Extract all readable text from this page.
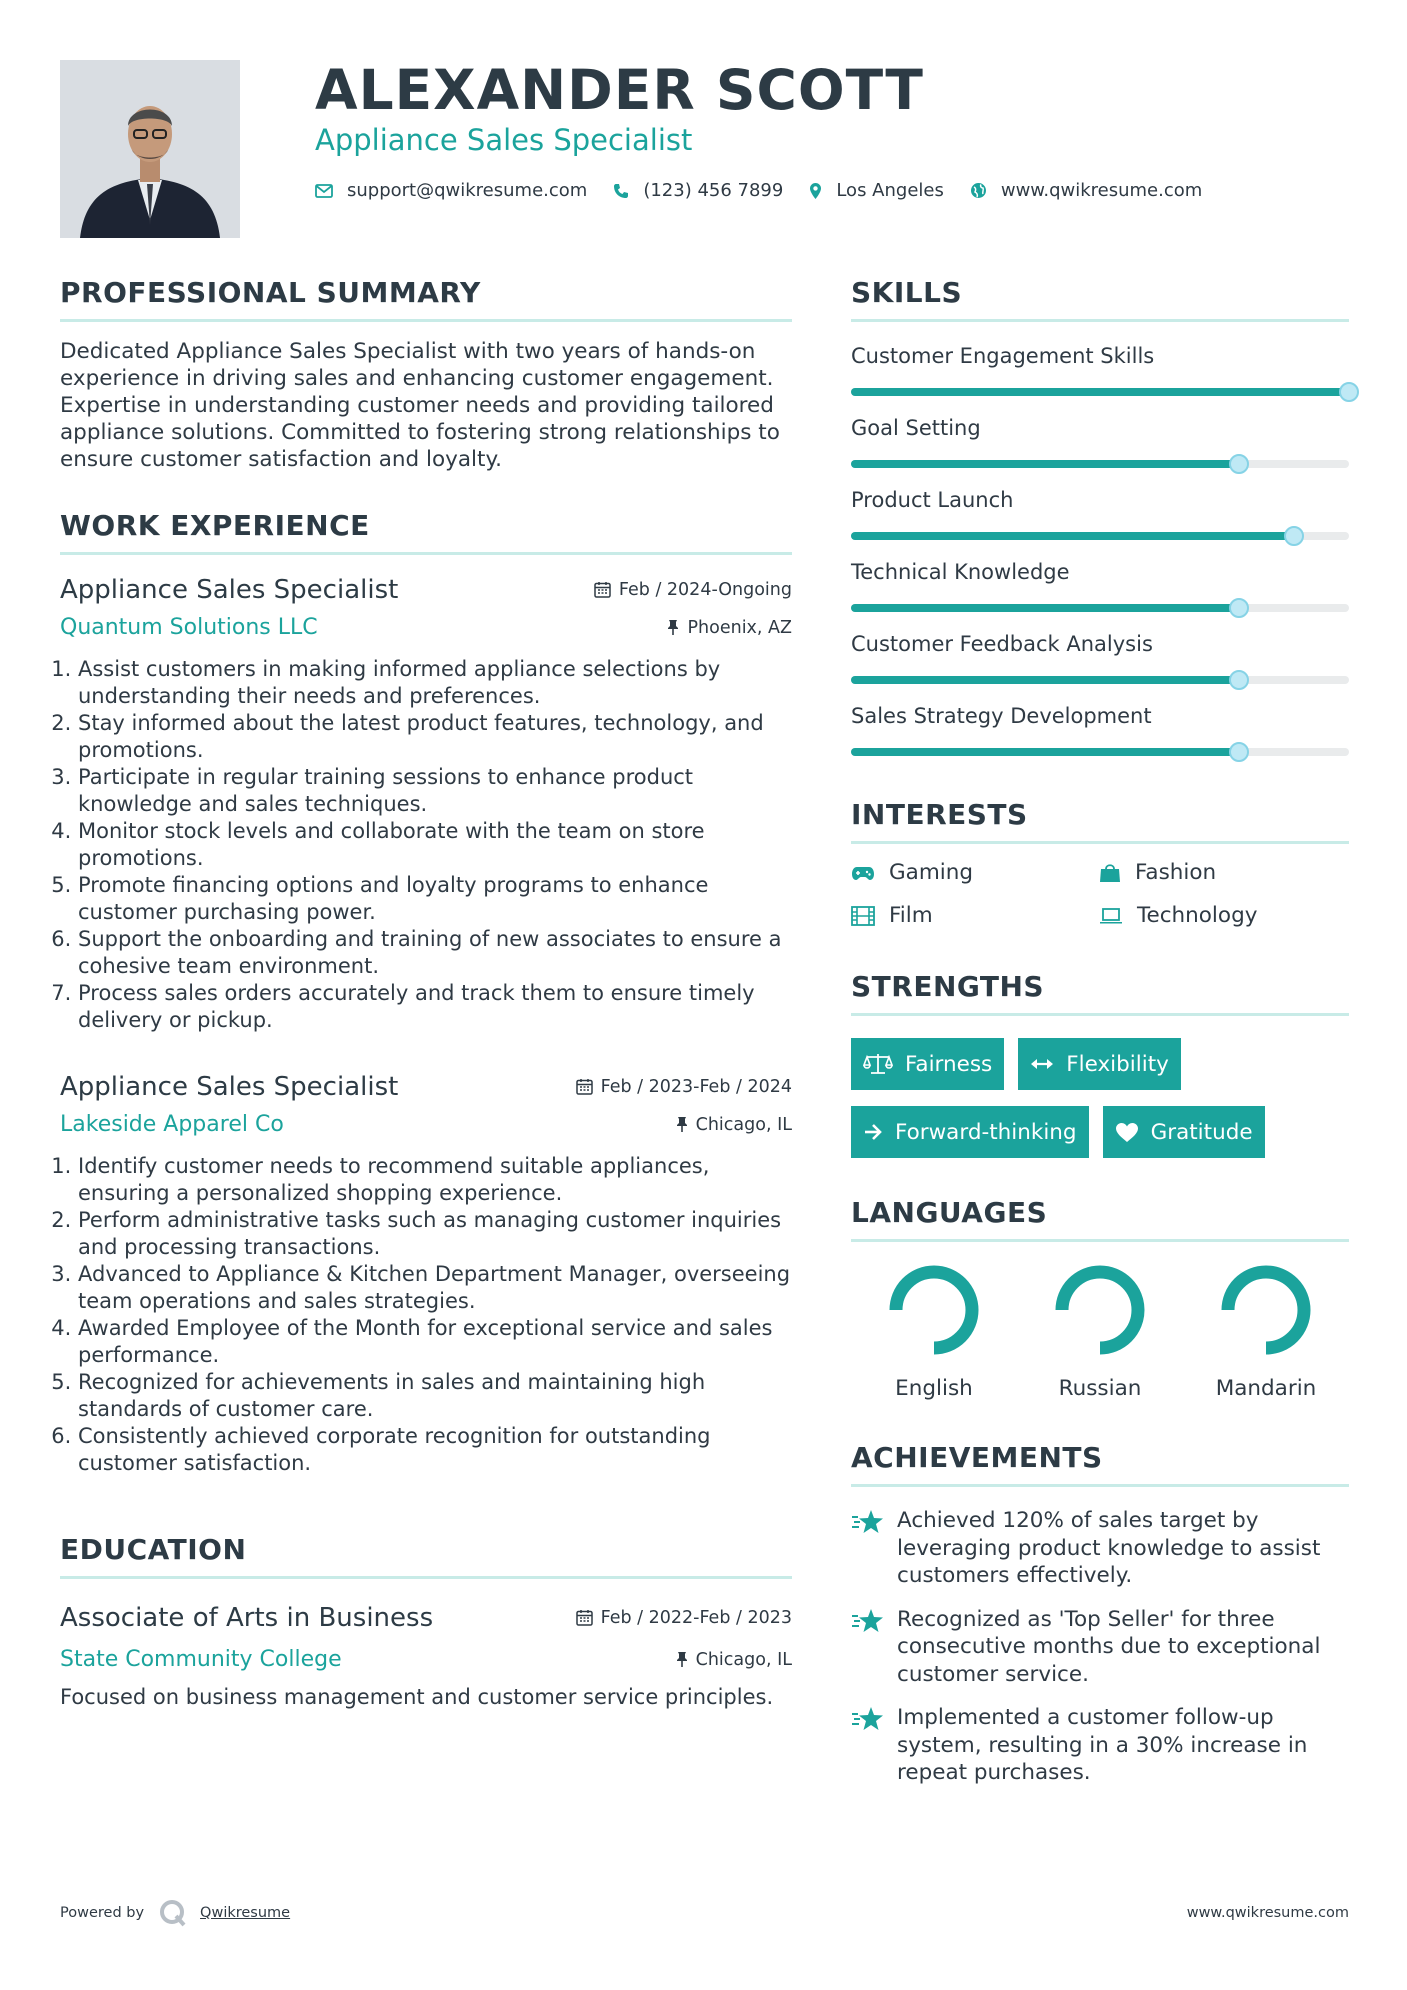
ALEXANDER SCOTT
Appliance Sales Specialist
support@qwikresume.com	(123) 456 7899	Los Angeles	www.qwikresume.com
PROFESSIONAL SUMMARY

Dedicated Appliance Sales Specialist with two years of hands-on experience in driving sales and enhancing customer engagement. Expertise in understanding customer needs and providing tailored appliance solutions. Committed to fostering strong relationships to ensure customer satisfaction and loyalty.

WORK EXPERIENCE
Appliance Sales Specialist	Feb / 2024-Ongoing
Quantum Solutions LLC	Phoenix, AZ
1. Assist customers in making informed appliance selections by understanding their needs and preferences.
2. Stay informed about the latest product features, technology, and promotions.
3. Participate in regular training sessions to enhance product knowledge and sales techniques.
4. Monitor stock levels and collaborate with the team on store promotions.
5. Promote financing options and loyalty programs to enhance customer purchasing power.
6. Support the onboarding and training of new associates to ensure a cohesive team environment.
7. Process sales orders accurately and track them to ensure timely delivery or pickup.
Appliance Sales Specialist	Feb / 2023-Feb / 2024
Lakeside Apparel Co	Chicago, IL
1. Identify customer needs to recommend suitable appliances, ensuring a personalized shopping experience.
2. Perform administrative tasks such as managing customer inquiries and processing transactions.
3. Advanced to Appliance & Kitchen Department Manager, overseeing team operations and sales strategies.
4. Awarded Employee of the Month for exceptional service and sales performance.
5. Recognized for achievements in sales and maintaining high standards of customer care.
6. Consistently achieved corporate recognition for outstanding customer satisfaction.
EDUCATION
Associate of Arts in Business	Feb / 2022-Feb / 2023
State Community College	Chicago, IL

Focused on business management and customer service principles.

SKILLS
Customer Engagement Skills
Goal Setting
Product Launch
Technical Knowledge
Customer Feedback Analysis
Sales Strategy Development
INTERESTS
Gaming	Fashion
Film	Technology
STRENGTHS
Fairness	Flexibility
Forward-thinking	Gratitude
LANGUAGES
English	Russian	Mandarin
ACHIEVEMENTS
Achieved 120% of sales target by leveraging product knowledge to assist customers effectively.
Recognized as 'Top Seller' for three consecutive months due to exceptional customer service.
Implemented a customer follow-up system, resulting in a 30% increase in repeat purchases.
Powered by	Qwikresume	www.qwikresume.com
